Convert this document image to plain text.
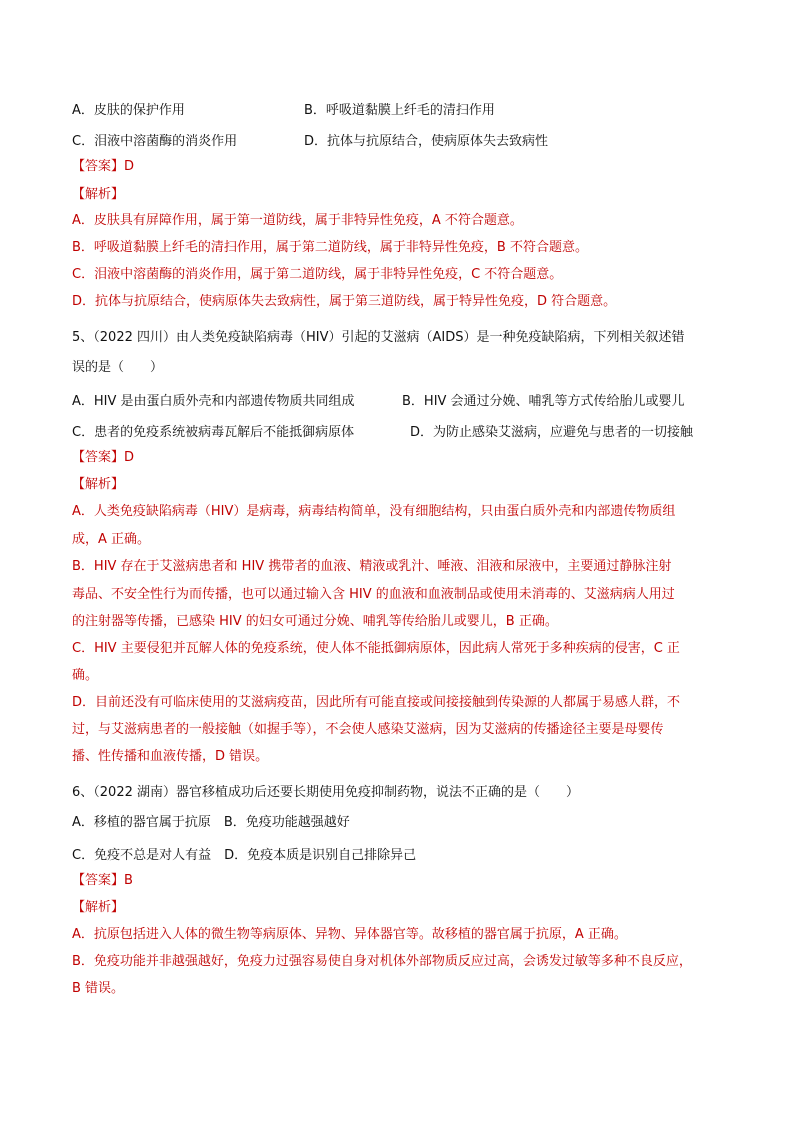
A．皮肤的保护作用	B．呼吸道黏膜上纤毛的清扫作用
C．泪液中溶菌酶的消炎作用	D．抗体与抗原结合，使病原体失去致病性
【答案】D
【解析】
A．皮肤具有屏障作用，属于第一道防线，属于非特异性免疫，A 不符合题意。
B．呼吸道黏膜上纤毛的清扫作用，属于第二道防线，属于非特异性免疫，B 不符合题意。
C．泪液中溶菌酶的消炎作用，属于第二道防线，属于非特异性免疫，C 不符合题意。
D．抗体与抗原结合，使病原体失去致病性，属于第三道防线，属于特异性免疫，D 符合题意。
5、（2022 四川）由人类免疫缺陷病毒（HIV）引起的艾滋病（AIDS）是一种免疫缺陷病，下列相关叙述错
误的是（　　）
A．HIV 是由蛋白质外壳和内部遗传物质共同组成	B．HIV 会通过分娩、哺乳等方式传给胎儿或婴儿
C．患者的免疫系统被病毒瓦解后不能抵御病原体	D．为防止感染艾滋病，应避免与患者的一切接触
【答案】D
【解析】
A．人类免疫缺陷病毒（HIV）是病毒，病毒结构简单，没有细胞结构，只由蛋白质外壳和内部遗传物质组
成，A 正确。
B．HIV 存在于艾滋病患者和 HIV 携带者的血液、精液或乳汁、唾液、泪液和尿液中，主要通过静脉注射
毒品、不安全性行为而传播，也可以通过输入含 HIV 的血液和血液制品或使用未消毒的、艾滋病病人用过
的注射器等传播，已感染 HIV 的妇女可通过分娩、哺乳等传给胎儿或婴儿，B 正确。
C．HIV 主要侵犯并瓦解人体的免疫系统，使人体不能抵御病原体，因此病人常死于多种疾病的侵害，C 正
确。
D．目前还没有可临床使用的艾滋病疫苗，因此所有可能直接或间接接触到传染源的人都属于易感人群，不
过，与艾滋病患者的一般接触（如握手等），不会使人感染艾滋病，因为艾滋病的传播途径主要是母婴传
播、性传播和血液传播，D 错误。
6、（2022 湖南）器官移植成功后还要长期使用免疫抑制药物，说法不正确的是（　　）
A．移植的器官属于抗原　B．免疫功能越强越好
C．免疫不总是对人有益　D．免疫本质是识别自己排除异己
【答案】B
【解析】
A．抗原包括进入人体的微生物等病原体、异物、异体器官等。故移植的器官属于抗原，A 正确。
B．免疫功能并非越强越好，免疫力过强容易使自身对机体外部物质反应过高，会诱发过敏等多种不良反应，
B 错误。
